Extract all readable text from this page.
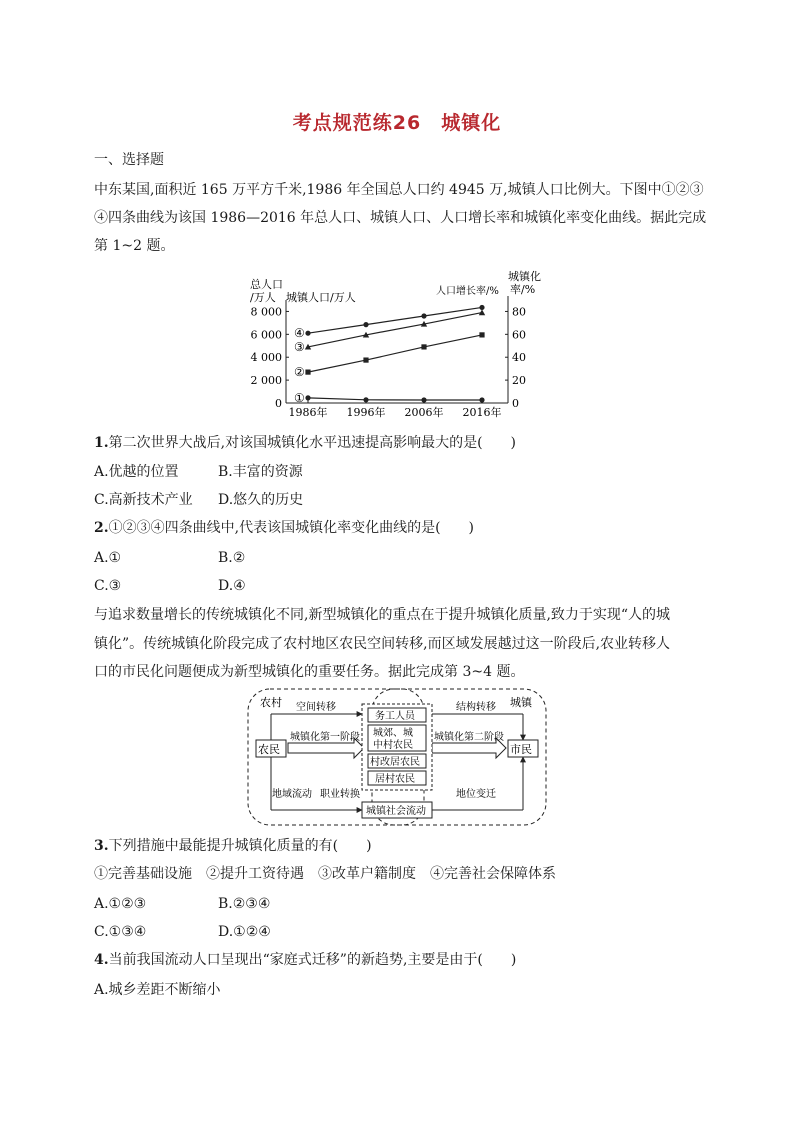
考点规范练26　城镇化
一、选择题
中东某国,面积近 165 万平方千米,1986 年全国总人口约 4945 万,城镇人口比例大。下图中①②③
④四条曲线为该国 1986—2016 年总人口、城镇人口、人口增长率和城镇化率变化曲线。据此完成
第 1~2 题。
总人口
/万人 城镇人口/万人
城镇化
率/%
人口增长率/%
8 000
6 000
4 000
2 000
0
80
60
40
20
0
1986年 1996年 2006年 2016年
④
③
②
①
1.第二次世界大战后,对该国城镇化水平迅速提高影响最大的是(　　)
A.优越的位置	B.丰富的资源
C.高新技术产业 D.悠久的历史
2.①②③④四条曲线中,代表该国城镇化率变化曲线的是(　　)
A.①	B.②
C.③	D.④
与追求数量增长的传统城镇化不同,新型城镇化的重点在于提升城镇化质量,致力于实现“人的城
镇化”。传统城镇化阶段完成了农村地区农民空间转移,而区域发展越过这一阶段后,农业转移人
口的市民化问题便成为新型城镇化的重要任务。据此完成第 3~4 题。
农村	城镇
农民	市民
空间转移	结构转移
城镇化第一阶段	城镇化第二阶段
务工人员
城郊、城
中村农民
村改居农民
居村农民
地域流动 职业转换	地位变迁
城镇社会流动
3.下列措施中最能提升城镇化质量的有(　　)
①完善基础设施　②提升工资待遇　③改革户籍制度　④完善社会保障体系
A.①②③	B.②③④
C.①③④	D.①②④
4.当前我国流动人口呈现出“家庭式迁移”的新趋势,主要是由于(　　)
A.城乡差距不断缩小
